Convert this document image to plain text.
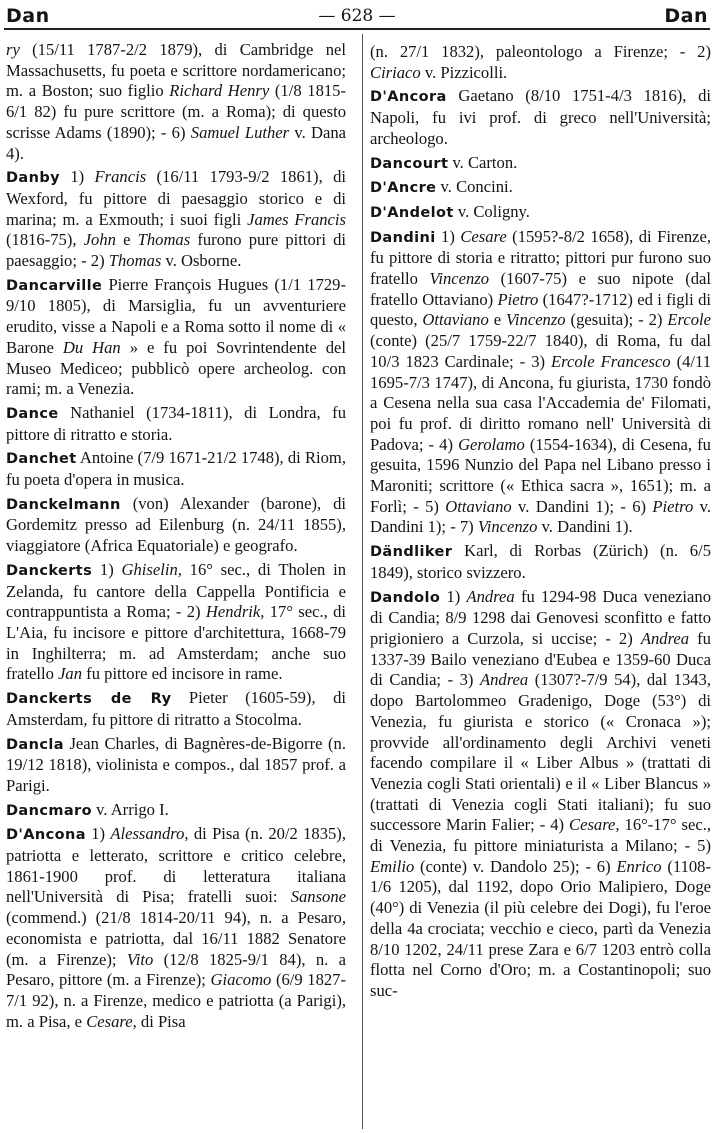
Dan	— 628 —	Dan

ry (15/11 1787-2/2 1879), di Cambridge nel Massachusetts, fu poeta e scrittore nordamericano; m. a Boston; suo figlio Richard Henry (1/8 1815-6/1 82) fu pure scrittore (m. a Roma); di questo scrisse Adams (1890); - 6) Samuel Luther v. Dana 4).

Danby 1) Francis (16/11 1793-9/2 1861), di Wexford, fu pittore di paesaggio storico e di marina; m. a Exmouth; i suoi figli James Francis (1816-75), John e Thomas furono pure pittori di paesaggio; - 2) Thomas v. Osborne.

Dancarville Pierre François Hugues (1/1 1729-9/10 1805), di Marsiglia, fu un avventuriere erudito, visse a Napoli e a Roma sotto il nome di « Barone Du Han » e fu poi Sovrintendente del Museo Mediceo; pubblicò opere archeolog. con rami; m. a Venezia.

Dance Nathaniel (1734-1811), di Londra, fu pittore di ritratto e storia.

Danchet Antoine (7/9 1671-21/2 1748), di Riom, fu poeta d'opera in musica.

Danckelmann (von) Alexander (barone), di Gordemitz presso ad Eilenburg (n. 24/11 1855), viaggiatore (Africa Equatoriale) e geografo.

Danckerts 1) Ghiselin, 16° sec., di Tholen in Zelanda, fu cantore della Cappella Pontificia e contrappuntista a Roma; - 2) Hendrik, 17° sec., di L'Aia, fu incisore e pittore d'architettura, 1668-79 in Inghilterra; m. ad Amsterdam; anche suo fratello Jan fu pittore ed incisore in rame.

Danckerts de Ry Pieter (1605-59), di Amsterdam, fu pittore di ritratto a Stocolma.

Dancla Jean Charles, di Bagnères-de-Bigorre (n. 19/12 1818), violinista e compos., dal 1857 prof. a Parigi.

Dancmaro v. Arrigo I.

D'Ancona 1) Alessandro, di Pisa (n. 20/2 1835), patriotta e letterato, scrittore e critico celebre, 1861-1900 prof. di letteratura italiana nell'Università di Pisa; fratelli suoi: Sansone (commend.) (21/8 1814-20/11 94), n. a Pesaro, economista e patriotta, dal 16/11 1882 Senatore (m. a Firenze); Vito (12/8 1825-9/1 84), n. a Pesaro, pittore (m. a Firenze); Giacomo (6/9 1827-7/1 92), n. a Firenze, medico e patriotta (a Parigi), m. a Pisa, e Cesare, di Pisa

(n. 27/1 1832), paleontologo a Firenze; - 2) Ciriaco v. Pizzicolli.

D'Ancora Gaetano (8/10 1751-4/3 1816), di Napoli, fu ivi prof. di greco nell'Università; archeologo.

Dancourt v. Carton.

D'Ancre v. Concini.

D'Andelot v. Coligny.

Dandini 1) Cesare (1595?-8/2 1658), di Firenze, fu pittore di storia e ritratto; pittori pur furono suo fratello Vincenzo (1607-75) e suo nipote (dal fratello Ottaviano) Pietro (1647?-1712) ed i figli di questo, Ottaviano e Vincenzo (gesuita); - 2) Ercole (conte) (25/7 1759-22/7 1840), di Roma, fu dal 10/3 1823 Cardinale; - 3) Ercole Francesco (4/11 1695-7/3 1747), di Ancona, fu giurista, 1730 fondò a Cesena nella sua casa l'Accademia de' Filomati, poi fu prof. di diritto romano nell' Università di Padova; - 4) Gerolamo (1554-1634), di Cesena, fu gesuita, 1596 Nunzio del Papa nel Libano presso i Maroniti; scrittore (« Ethica sacra », 1651); m. a Forlì; - 5) Ottaviano v. Dandini 1); - 6) Pietro v. Dandini 1); - 7) Vincenzo v. Dandini 1).

Dändliker Karl, di Rorbas (Zürich) (n. 6/5 1849), storico svizzero.

Dandolo 1) Andrea fu 1294-98 Duca veneziano di Candia; 8/9 1298 dai Genovesi sconfitto e fatto prigioniero a Curzola, si uccise; - 2) Andrea fu 1337-39 Bailo veneziano d'Eubea e 1359-60 Duca di Candia; - 3) Andrea (1307?-7/9 54), dal 1343, dopo Bartolommeo Gradenigo, Doge (53°) di Venezia, fu giurista e storico (« Cronaca »); provvide all'ordinamento degli Archivi veneti facendo compilare il « Liber Albus » (trattati di Venezia cogli Stati orientali) e il « Liber Blancus » (trattati di Venezia cogli Stati italiani); fu suo successore Marin Falier; - 4) Cesare, 16°-17° sec., di Venezia, fu pittore miniaturista a Milano; - 5) Emilio (conte) v. Dandolo 25); - 6) Enrico (1108-1/6 1205), dal 1192, dopo Orio Malipiero, Doge (40°) di Venezia (il più celebre dei Dogi), fu l'eroe della 4a crociata; vecchio e cieco, partì da Venezia 8/10 1202, 24/11 prese Zara e 6/7 1203 entrò colla flotta nel Corno d'Oro; m. a Costantinopoli; suo suc-
